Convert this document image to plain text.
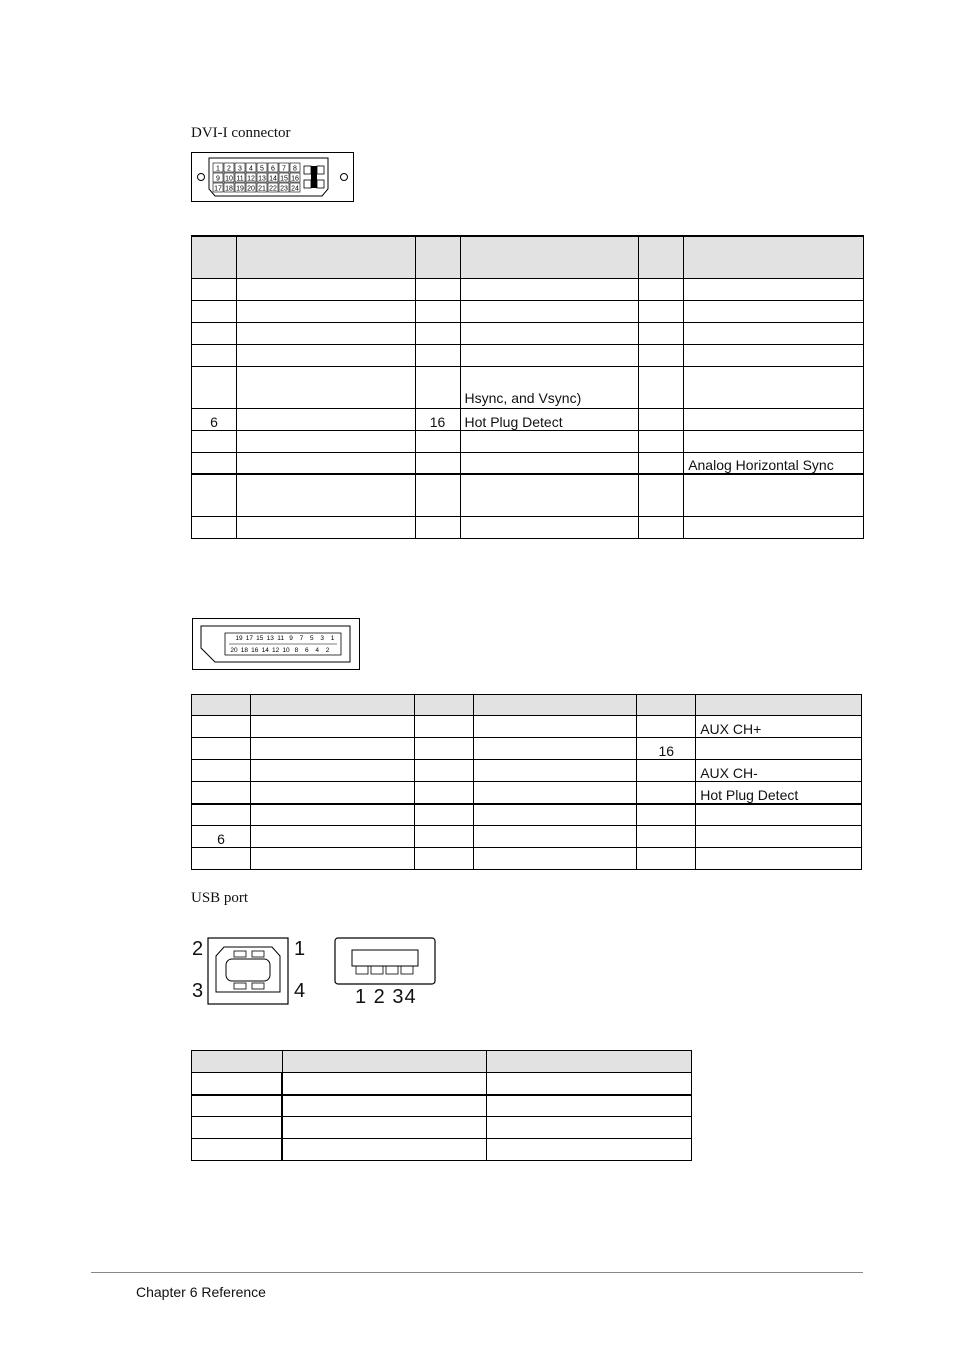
DVI-I connector
1 2 3 4 5 6 7 8
9 10 11 12 13 14 15 16
17 18 19 20 21 22 23 24

			Hsync, and Vsync)		
6		16	Hot Plug Detect		

					Analog Horizontal Sync

19 17 15 13 11 9 7 5 3 1
20 18 16 14 12 10 8 6 4 2

					AUX CH+
				16	
					AUX CH-
					Hot Plug Detect

6					

USB port
2	1
3	4 1 2 34

Chapter 6 Reference
